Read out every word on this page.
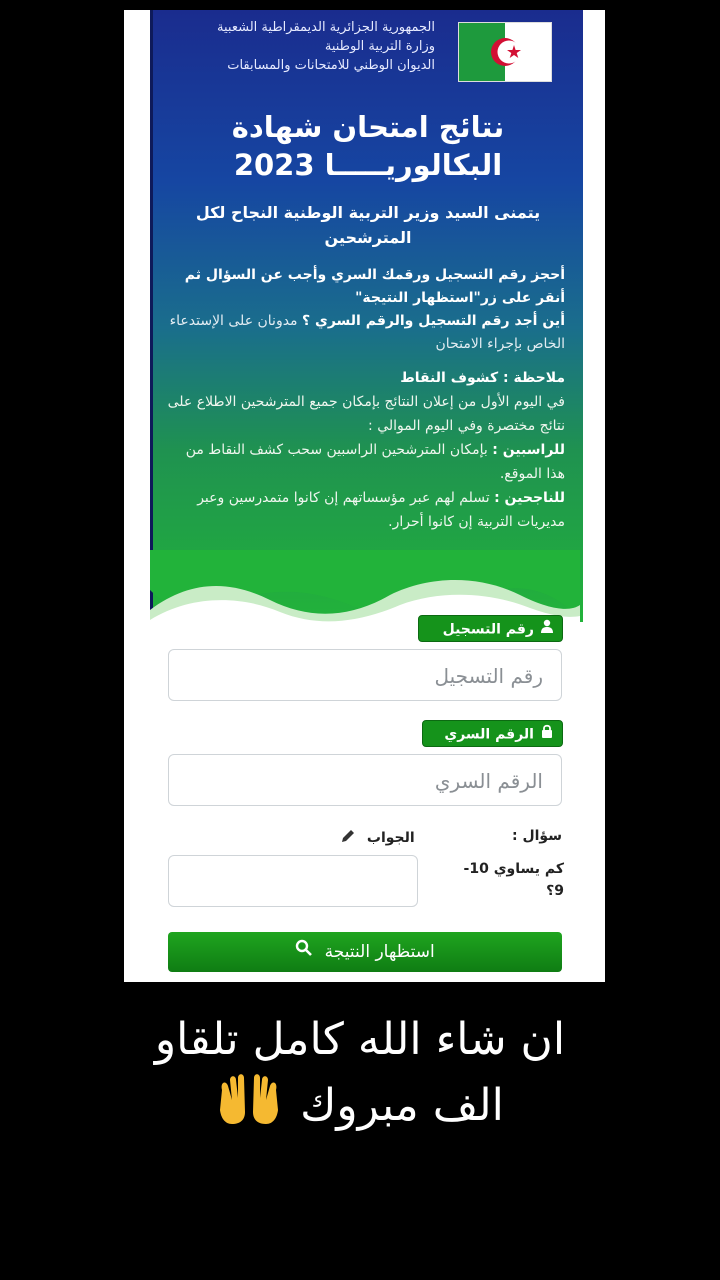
الجمهورية الجزائرية الديمقراطية الشعبية
وزارة التربية الوطنية
الديوان الوطني للامتحانات والمسابقات
نتائج امتحان شهادة
البكالوريـــــا 2023
يتمنى السيد وزير التربية الوطنية النجاح لكل المترشحين
أحجز رقم التسجيل ورقمك السري وأجب عن السؤال ثم أنقر على زر"استظهار النتيجة"
أين أجد رقم التسجيل والرقم السري ؟ مدونان على الإستدعاء الخاص بإجراء الامتحان
ملاحظة : كشوف النقاط
في اليوم الأول من إعلان النتائج بإمكان جميع المترشحين الاطلاع على نتائج مختصرة وفي اليوم الموالي :
للراسبين : بإمكان المترشحين الراسبين سحب كشف النقاط من هذا الموقع.
للناجحين : تسلم لهم عبر مؤسساتهم إن كانوا متمدرسين وعبر مديريات التربية إن كانوا أحرار.
رقم التسجيل
رقم التسجيل
الرقم السري
الرقم السري
سؤال :
كم يساوي 10-9؟
الجواب
استظهار النتيجة
ان شاء الله كامل تلقاو
الف مبروك
